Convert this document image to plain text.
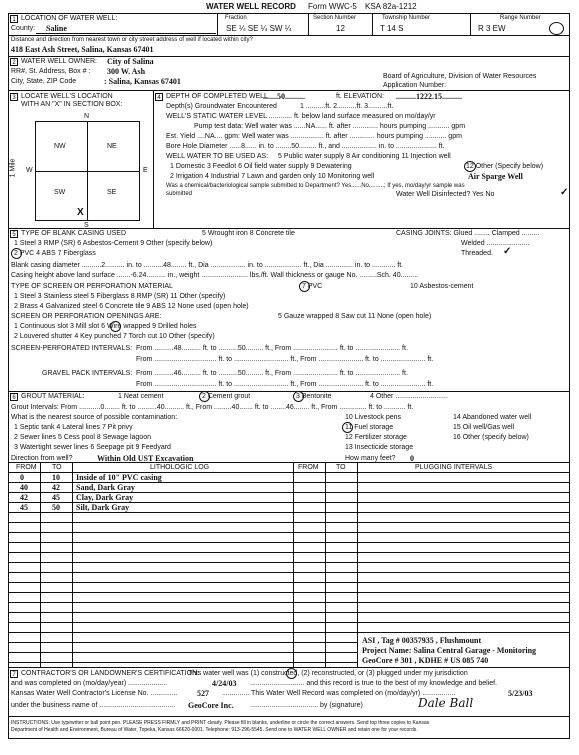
WATER WELL RECORD Form WWC-5 KSA 82a-1212
1 LOCATION OF WATER WELL:
County: Saline
Fraction
SE ¼ SE ¼ SW ¼
Section Number
12
Township Number
T 14 S
Range Number
R 3 EW
Distance and direction from nearest town or city street address of well if located within city?
418 East Ash Street, Salina, Kansas 67401
2 WATER WELL OWNER: City of Salina
RR#, St. Address, Box # : 300 W. Ash
City, State, ZIP Code	: Salina, Kansas 67401
Board of Agriculture, Division of Water Resources
Application Number:
3 LOCATE WELL'S LOCATION
WITH AN "X" IN SECTION BOX:
N
NW	NE
SW	SE
W	E
S
1 Mile
X
4 DEPTH OF COMPLETED WELL
.......50..........	ft. ELEVATION: ..........1222.15..........
Depth(s) Groundwater Encountered	1 ..........ft. 2..........ft. 3..........ft.
WELL'S STATIC WATER LEVEL ............ ft. below land surface measured on mo/day/yr
Pump test data: Well water was ......NA...... ft. after ............. hours pumping ........... gpm
Est. Yield ....NA.... gpm: Well water was ................. ft. after ............. hours pumping ........... gpm
Bore Hole Diameter ......8...... in. to ........50......... ft., and .................. in. to ..................... ft.
WELL WATER TO BE USED AS: 5 Public water supply 8 Air conditioning 11 Injection well
1 Domestic 3 Feedlot 6 Oil field water supply 9 Dewatering	12 Other (Specify below)
2 Irrigation 4 Industrial 7 Lawn and garden only 10 Monitoring well	Air Sparge Well
Was a chemical/bacteriological sample submitted to Department? Yes......No.........; If yes, mo/day/yr sample was
submitted	Water Well Disinfected? Yes No	✓
5 TYPE OF BLANK CASING USED	5 Wrought iron 8 Concrete tile	CASING JOINTS: Glued ........ Clamped .........
1 Steel 3 RMP (SR) 6 Asbestos-Cement 9 Other (specify below)	Welded ......................
2 PVC 4 ABS 7 Fiberglass	Threaded. ✓
Blank casing diameter ..........2.......... in. to ..........48........ ft., Dia .................. in. to ................... ft., Dia .............. in. to ............ ft.
Casing height above land surface .......-6.24.......... in., weight ........................ lbs./ft. Wall thickness or gauge No. .........Sch. 40.........
TYPE OF SCREEN OR PERFORATION MATERIAL	7 PVC	10 Asbestos-cement
1 Steel 3 Stainless steel 5 Fiberglass 8 RMP (SR) 11 Other (specify)
2 Brass 4 Galvanized steel 6 Concrete tile 9 ABS 12 None used (open hole)
SCREEN OR PERFORATION OPENINGS ARE:	5 Gauze wrapped 8 Saw cut 11 None (open hole)
1 Continuous slot 3 Mill slot 6 Wire wrapped 9 Drilled holes
2 Louvered shutter 4 Key punched 7 Torch cut 10 Other (specify)
SCREEN-PERFORATED INTERVALS: From ..........48.......... ft. to ..........50......... ft., From ....................... ft. to ....................... ft.
From ................................ ft. to ............................ ft., From ....................... ft. to ....................... ft.
GRAVEL PACK INTERVALS: From ..........46.......... ft. to ..........50......... ft., From ....................... ft. to ....................... ft.
From ................................ ft. to ............................ ft., From ....................... ft. to ....................... ft.
6 GROUT MATERIAL:	1 Neat cement	2 Cement grout	3 Bentonite	4 Other ...........................
Grout Intervals: From ...........0........ ft. to ..........40.......... ft., From .........40....... ft. to ........46........ ft., From .............. ft. to ........... ft.
What is the nearest source of possible contamination:	10 Livestock pens	14 Abandoned water well
1 Septic tank 4 Lateral lines 7 Pit privy	11 Fuel storage	15 Oil well/Gas well
2 Sewer lines 5 Cess pool 8 Sewage lagoon	12 Fertilizer storage	16 Other (specify below)
3 Watertight sewer lines 6 Seepage pit 9 Feedyard	13 Insecticide storage
Direction from well?	Within Old UST Excavation	How many feet? 0
FROM TO	LITHOLOGIC LOG	FROM TO	PLUGGING INTERVALS
0	10 Inside of 10" PVC casing
40	42 Sand, Dark Gray
42	45 Clay, Dark Gray
45	50 Silt, Dark Gray
ASI , Tag # 00357935 , Flushmount
Project Name: Salina Central Garage - Monitoring
GeoCore # 301 , KDHE # US 085 740
7 CONTRACTOR'S OR LANDOWNER'S CERTIFICATION:
This water well was (1) constructed, (2) reconstructed, or (3) plugged under my jurisdiction
and was completed on (mo/day/year) ....................	4/24/03 ............................ and this record is true to the best of my knowledge and belief.
Kansas Water Well Contractor's License No. .............. 527 .............. This Water Well Record was completed on (mo/day/yr) .................	5/23/03
under the business name of ....................................... GeoCore Inc. ................................... by (signature)	Dale Ball
INSTRUCTIONS: Use typewriter or ball point pen. PLEASE PRESS FIRMLY and PRINT clearly. Please fill in blanks, underline or circle the correct answers. Send top three copies to Kansas
Department of Health and Environment, Bureau of Water, Topeka, Kansas 66620-0001. Telephone: 913-296-5545. Send one to WATER WELL OWNER and retain one for your records.
